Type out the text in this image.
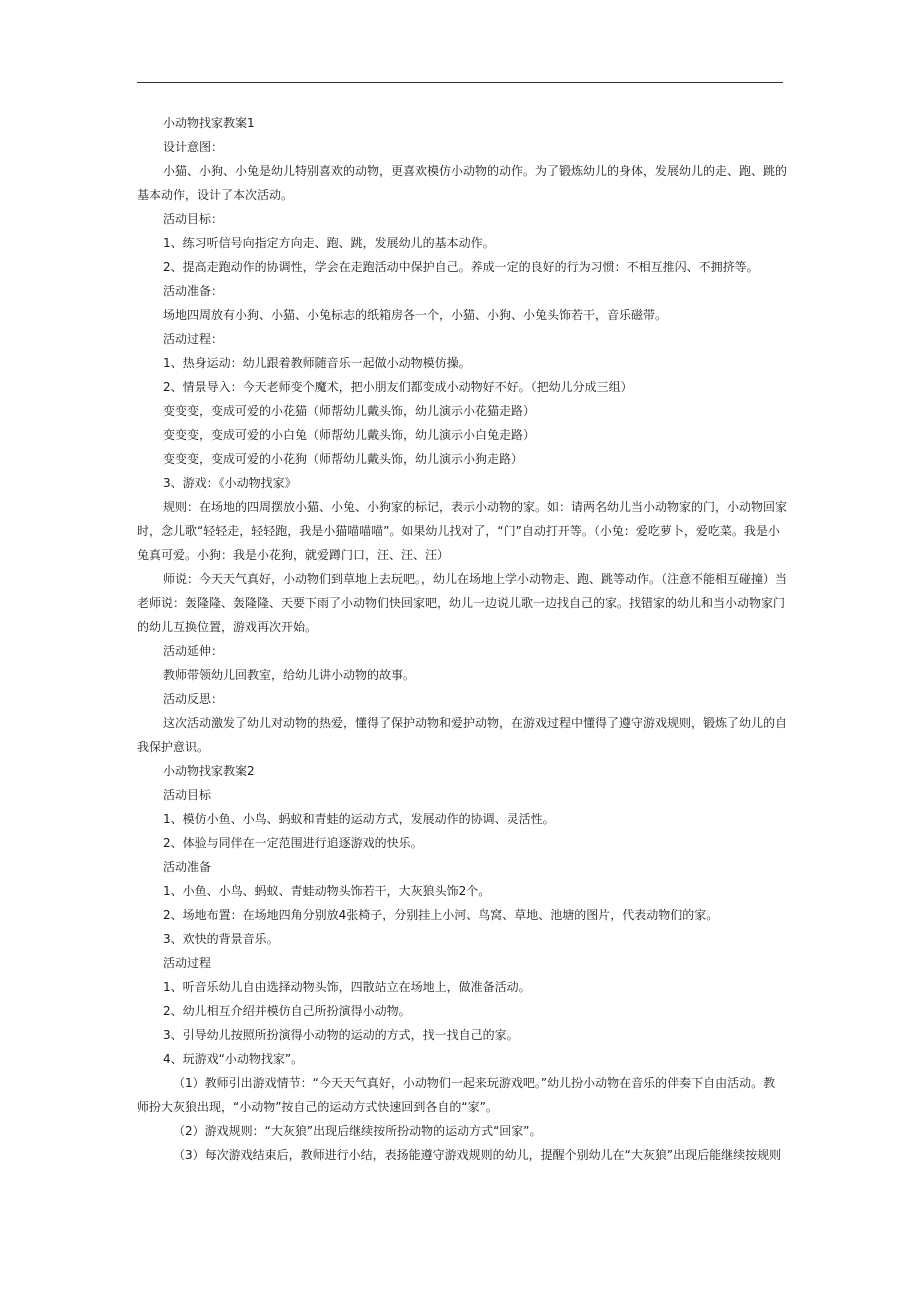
小动物找家教案1

设计意图：

小猫、小狗、小兔是幼儿特别喜欢的动物，更喜欢模仿小动物的动作。为了锻炼幼儿的身体，发展幼儿的走、跑、跳的基本动作，设计了本次活动。

活动目标：

1、练习听信号向指定方向走、跑、跳，发展幼儿的基本动作。

2、提高走跑动作的协调性，学会在走跑活动中保护自己。养成一定的良好的行为习惯：不相互推闪、不拥挤等。

活动准备：

场地四周放有小狗、小猫、小兔标志的纸箱房各一个，小猫、小狗、小兔头饰若干，音乐磁带。

活动过程：

1、热身运动：幼儿跟着教师随音乐一起做小动物模仿操。

2、情景导入：今天老师变个魔术，把小朋友们都变成小动物好不好。（把幼儿分成三组）

变变变，变成可爱的小花猫（师帮幼儿戴头饰，幼儿演示小花猫走路）

变变变，变成可爱的小白兔（师帮幼儿戴头饰，幼儿演示小白兔走路）

变变变，变成可爱的小花狗（师帮幼儿戴头饰，幼儿演示小狗走路）

3、游戏：《小动物找家》

规则：在场地的四周摆放小猫、小兔、小狗家的标记，表示小动物的家。如：请两名幼儿当小动物家的门，小动物回家时，念儿歌“轻轻走，轻轻跑，我是小猫喵喵喵”。如果幼儿找对了，“门”自动打开等。（小兔：爱吃萝卜，爱吃菜。我是小兔真可爱。小狗：我是小花狗，就爱蹲门口，汪、汪、汪）

师说：今天天气真好，小动物们到草地上去玩吧。，幼儿在场地上学小动物走、跑、跳等动作。（注意不能相互碰撞）当老师说：轰隆隆、轰隆隆、天要下雨了小动物们快回家吧，幼儿一边说儿歌一边找自己的家。找错家的幼儿和当小动物家门的幼儿互换位置，游戏再次开始。

活动延伸：

教师带领幼儿回教室，给幼儿讲小动物的故事。

活动反思：

这次活动激发了幼儿对动物的热爱，懂得了保护动物和爱护动物，在游戏过程中懂得了遵守游戏规则，锻炼了幼儿的自我保护意识。

小动物找家教案2

活动目标

1、模仿小鱼、小鸟、蚂蚁和青蛙的运动方式，发展动作的协调、灵活性。

2、体验与同伴在一定范围进行追逐游戏的快乐。

活动准备

1、小鱼、小鸟、蚂蚁、青蛙动物头饰若干，大灰狼头饰2个。

2、场地布置：在场地四角分别放4张椅子，分别挂上小河、鸟窝、草地、池塘的图片，代表动物们的家。

3、欢快的背景音乐。

活动过程

1、听音乐幼儿自由选择动物头饰，四散站立在场地上，做准备活动。

2、幼儿相互介绍并模仿自己所扮演得小动物。

3、引导幼儿按照所扮演得小动物的运动的方式，找一找自己的家。

4、玩游戏“小动物找家”。

（1）教师引出游戏情节：“今天天气真好，小动物们一起来玩游戏吧。”幼儿扮小动物在音乐的伴奏下自由活动。教师扮大灰狼出现，“小动物”按自己的运动方式快速回到各自的“家”。

（2）游戏规则：“大灰狼”出现后继续按所扮动物的运动方式“回家”。

（3）每次游戏结束后，教师进行小结，表扬能遵守游戏规则的幼儿，提醒个别幼儿在“大灰狼”出现后能继续按规则
